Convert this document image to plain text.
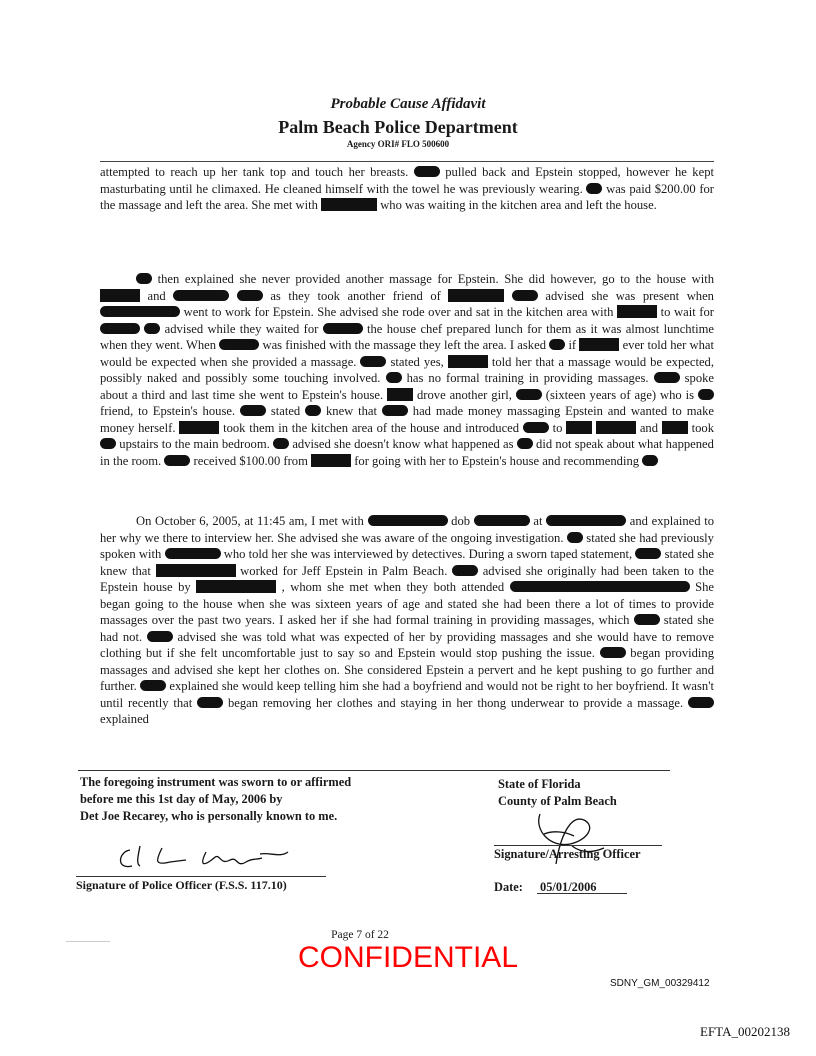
Probable Cause Affidavit
Palm Beach Police Department
Agency ORI# FLO 500600

attempted to reach up her tank top and touch her breasts.	pulled back and Epstein stopped, however he kept masturbating until he climaxed. He cleaned himself with the towel he was previously wearing. was paid $200.00 for the massage and left the area. She met with	who was waiting in the kitchen area and left the house.

then explained she never provided another massage for Epstein. She did however, go to the house with  and	as they took another friend of	advised she was present when  went to work for Epstein. She advised she rode over and sat in the kitchen area with	to wait for   advised while they waited for	the house chef prepared lunch for them as it was almost lunchtime when they went. When	was finished with the massage they left the area. I asked if	ever told her what would be expected when she provided a massage.	stated yes,	told her that a massage would be expected, possibly naked and possibly some touching involved. has no formal training in providing massages.	spoke about a third and last time she went to Epstein's house.	drove another girl,	(sixteen years of age) who is  friend, to Epstein's house.	stated knew that	had made money massaging Epstein and wanted to make money herself.	took them in the kitchen area of the house and introduced	to	and	took  upstairs to the main bedroom. advised she doesn't know what happened as did not speak about what happened in the room.	received $100.00 from	for going with her to Epstein's house and recommending

On October 6, 2005, at 11:45 am, I met with	dob	at	and explained to her why we there to interview her. She advised she was aware of the ongoing investigation. stated she had previously spoken with	who told her she was interviewed by detectives. During a sworn taped statement,	stated she knew that	worked for Jeff Epstein in Palm Beach.	advised she originally had been taken to the Epstein house by	, whom she met when they both attended	She began going to the house when she was sixteen years of age and stated she had been there a lot of times to provide massages over the past two years. I asked her if she had formal training in providing massages, which	stated she had not.	advised she was told what was expected of her by providing massages and she would have to remove clothing but if she felt uncomfortable just to say so and Epstein would stop pushing the issue.	began providing massages and advised she kept her clothes on. She considered Epstein a pervert and he kept pushing to go further and further.	explained she would keep telling him she had a boyfriend and would not be right to her boyfriend. It wasn't until recently that	began removing her clothes and staying in her thong underwear to provide a massage.  explained

The foregoing instrument was sworn to or affirmed
before me this 1st day of May, 2006 by
Det Joe Recarey, who is personally known to me.
State of Florida
County of Palm Beach
Signature of Police Officer (F.S.S. 117.10)
Signature/Arresting Officer
Date: 05/01/2006
Page 7 of 22
CONFIDENTIAL
SDNY_GM_00329412
EFTA_00202138
